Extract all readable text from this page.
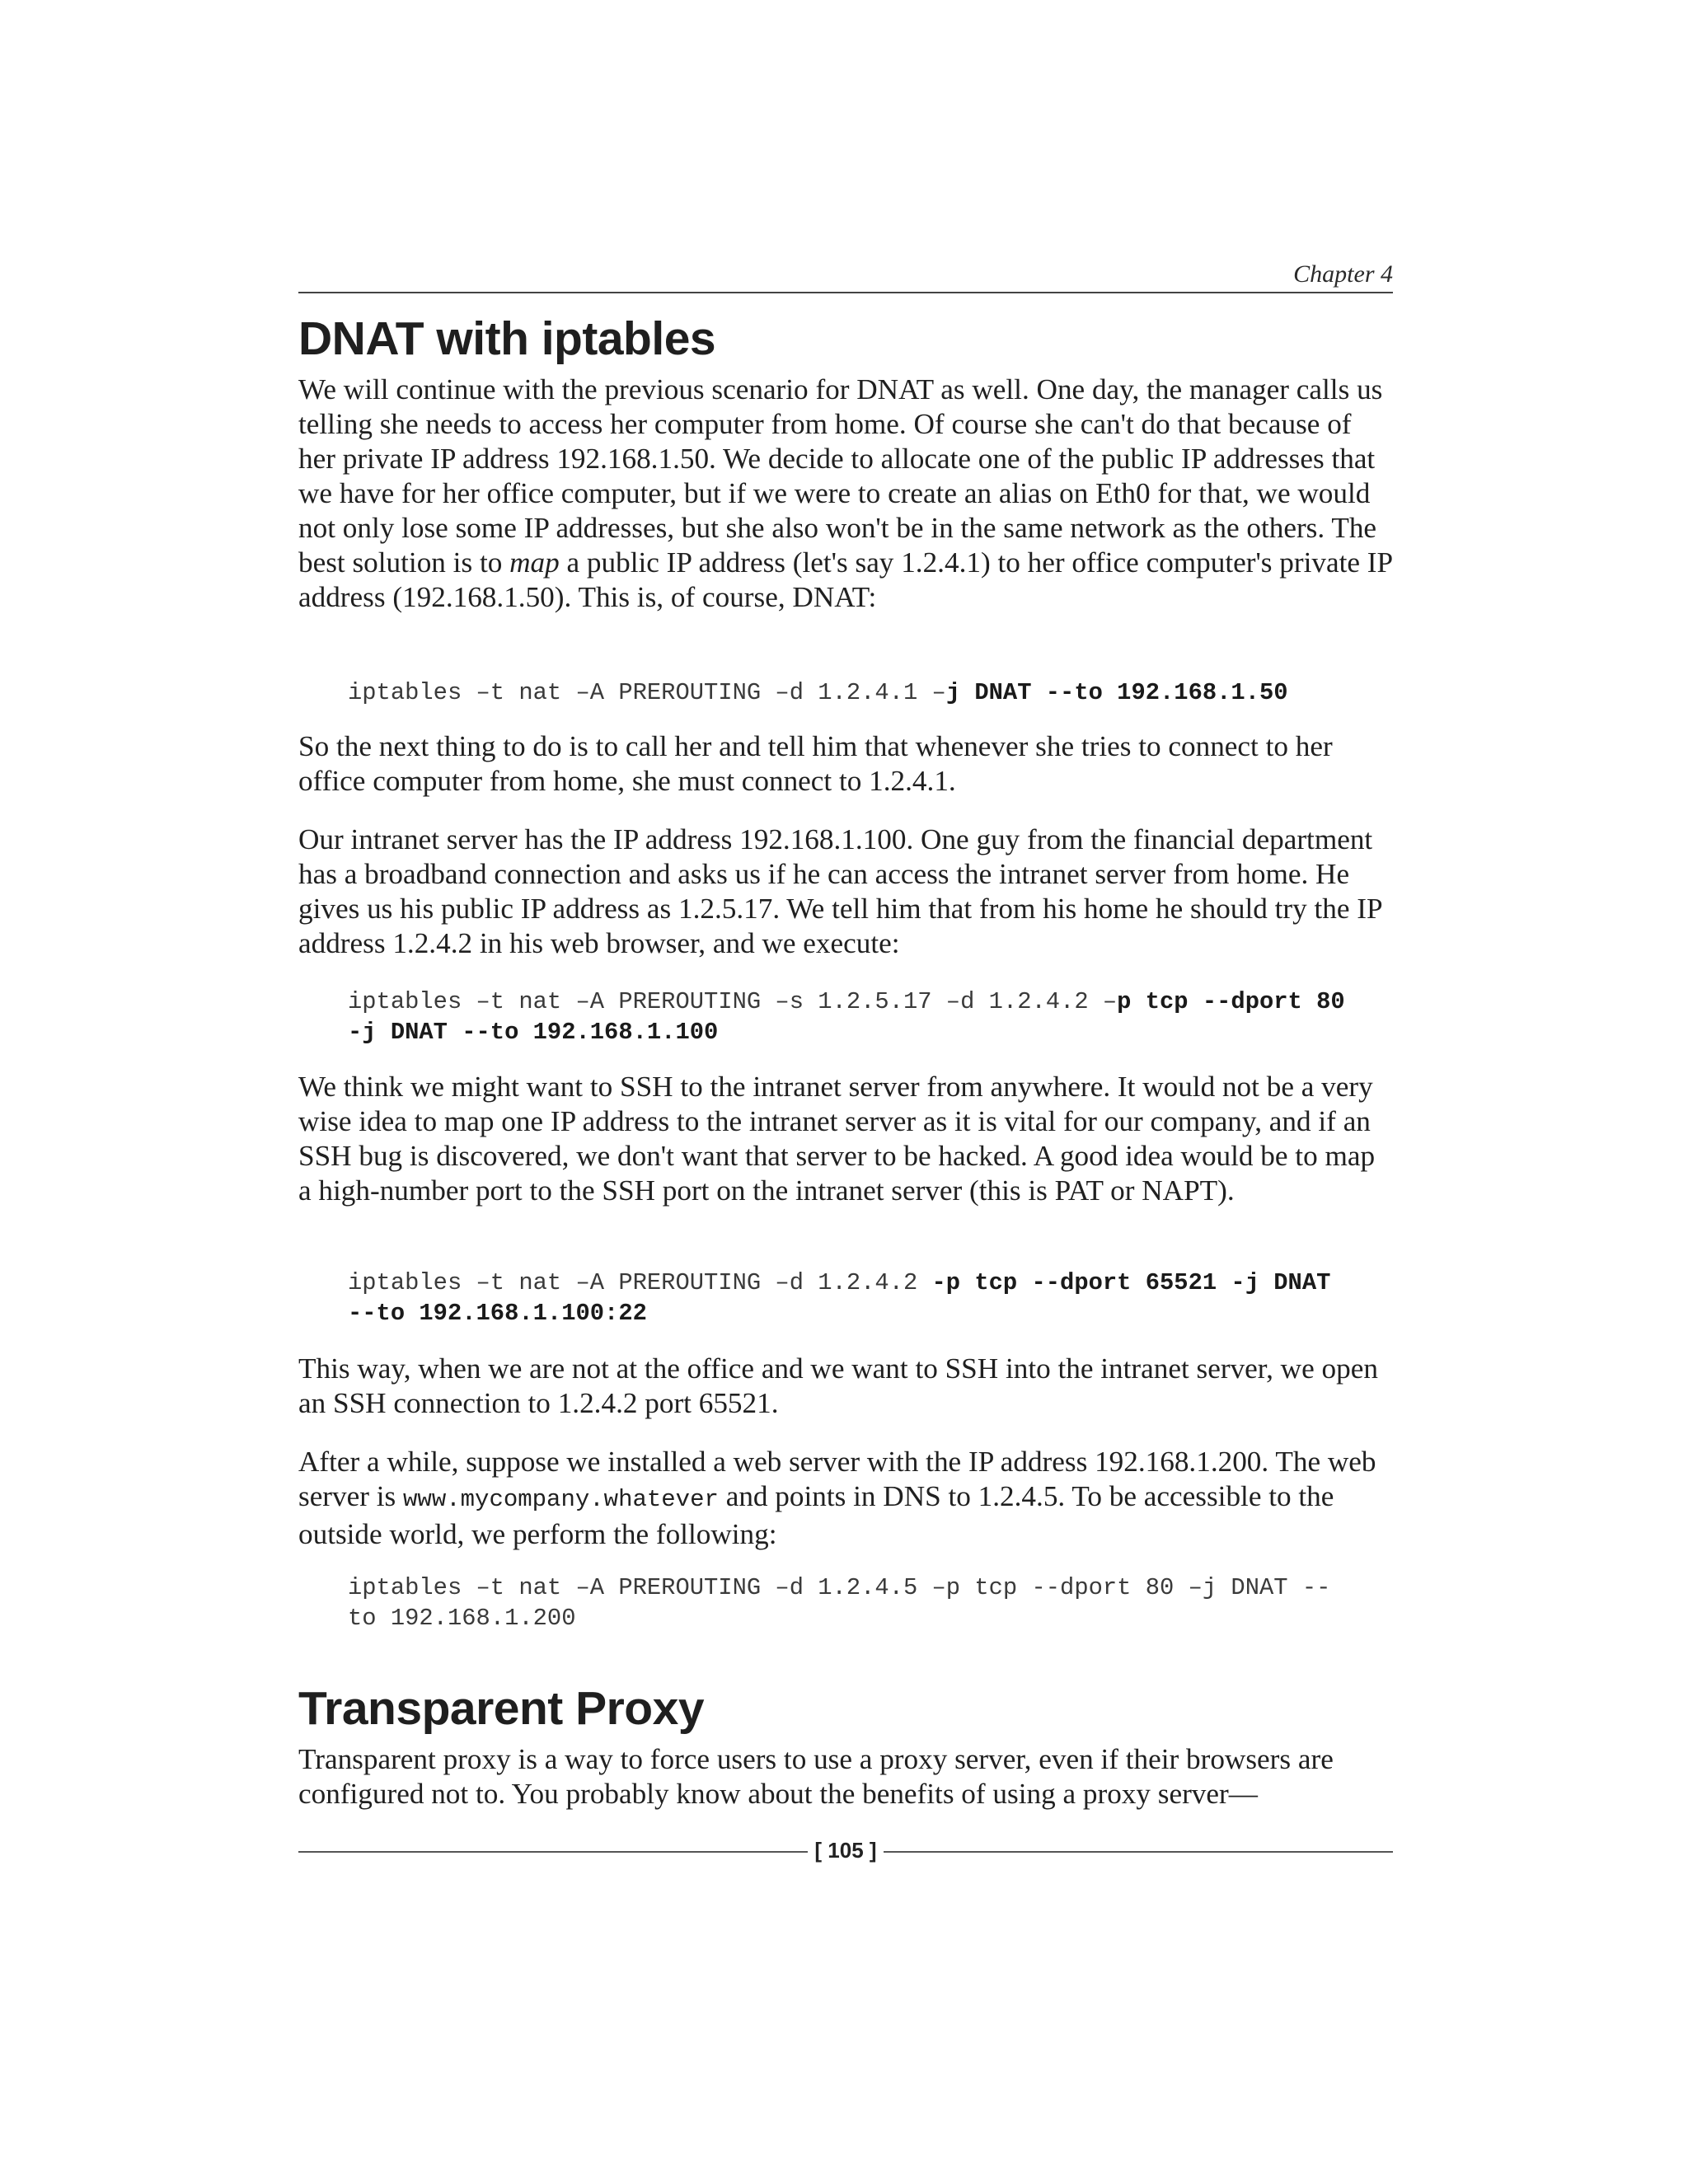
Chapter 4
DNAT with iptables

We will continue with the previous scenario for DNAT as well. One day, the manager calls us telling she needs to access her computer from home. Of course she can't do that because of her private IP address 192.168.1.50. We decide to allocate one of the public IP addresses that we have for her office computer, but if we were to create an alias on Eth0 for that, we would not only lose some IP addresses, but she also won't be in the same network as the others. The best solution is to map a public IP address (let's say 1.2.4.1) to her office computer's private IP address (192.168.1.50). This is, of course, DNAT:

iptables –t nat –A PREROUTING –d 1.2.4.1 –j DNAT --to 192.168.1.50

So the next thing to do is to call her and tell him that whenever she tries to connect to her office computer from home, she must connect to 1.2.4.1.

Our intranet server has the IP address 192.168.1.100. One guy from the financial department has a broadband connection and asks us if he can access the intranet server from home. He gives us his public IP address as 1.2.5.17. We tell him that from his home he should try the IP address 1.2.4.2 in his web browser, and we execute:

iptables –t nat –A PREROUTING –s 1.2.5.17 –d 1.2.4.2 –p tcp --dport 80
-j DNAT --to 192.168.1.100

We think we might want to SSH to the intranet server from anywhere. It would not be a very wise idea to map one IP address to the intranet server as it is vital for our company, and if an SSH bug is discovered, we don't want that server to be hacked. A good idea would be to map a high-number port to the SSH port on the intranet server (this is PAT or NAPT).

iptables –t nat –A PREROUTING –d 1.2.4.2 -p tcp --dport 65521 -j DNAT
--to 192.168.1.100:22

This way, when we are not at the office and we want to SSH into the intranet server, we open an SSH connection to 1.2.4.2 port 65521.

After a while, suppose we installed a web server with the IP address 192.168.1.200. The web server is www.mycompany.whatever and points in DNS to 1.2.4.5. To be accessible to the outside world, we perform the following:

iptables –t nat –A PREROUTING –d 1.2.4.5 –p tcp --dport 80 –j DNAT --
to 192.168.1.200
Transparent Proxy

Transparent proxy is a way to force users to use a proxy server, even if their browsers are configured not to. You probably know about the benefits of using a proxy server—

[ 105 ]
